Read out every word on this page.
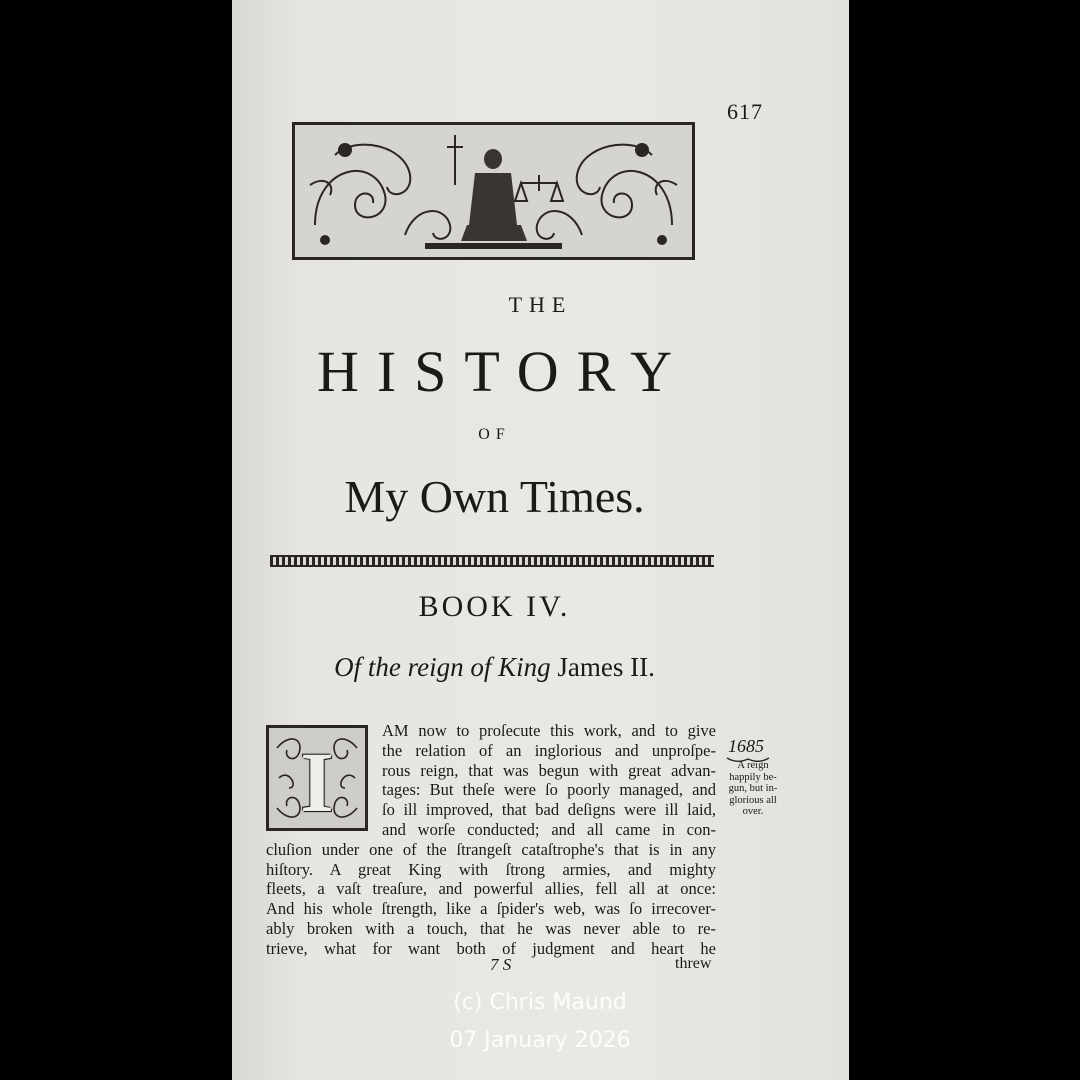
617
THE
HISTORY
OF
My Own Times.
BOOK IV.
Of the reign of King James II.
AM now to proſecute this work, and to give
the relation of an inglorious and unproſpe-
rous reign, that was begun with great advan-
tages: But theſe were ſo poorly managed, and
ſo ill improved, that bad deſigns were ill laid,
and worſe conducted; and all came in con-
cluſion under one of the ſtrangeſt cataſtrophe's that is in any
hiſtory. A great King with ſtrong armies, and mighty
fleets, a vaſt treaſure, and powerful allies, fell all at once:
And his whole ſtrength, like a ſpider's web, was ſo irrecover-
ably broken with a touch, that he was never able to re-
trieve, what for want both of judgment and heart he
I	1685
A reign
happily be-
gun, but in-
glorious all
over.
7 S	threw
(c) Chris Maund
07 January 2026
